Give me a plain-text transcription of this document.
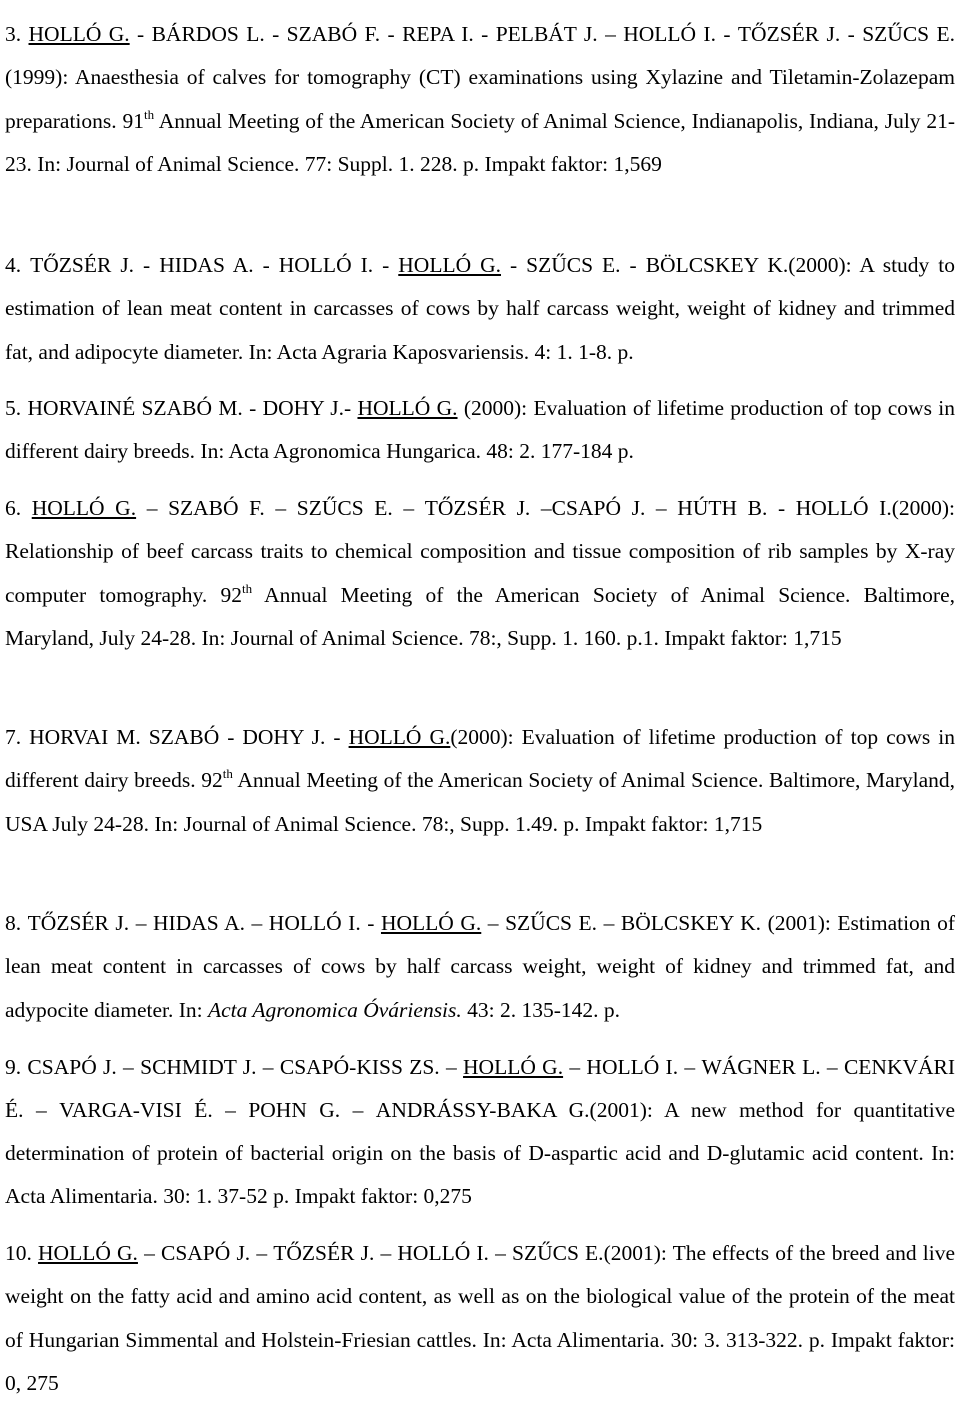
3. HOLLÓ G. - BÁRDOS L. - SZABÓ F. - REPA I. - PELBÁT J. – HOLLÓ I. - TŐZSÉR J. - SZŰCS E.(1999): Anaesthesia of calves for tomography (CT) examinations using Xylazine and Tiletamin-Zolazepam preparations. 91th Annual Meeting of the American Society of Animal Science, Indianapolis, Indiana, July 21-23. In: Journal of Animal Science. 77: Suppl. 1. 228. p. Impakt faktor: 1,569

4. TŐZSÉR J. - HIDAS A. - HOLLÓ I. - HOLLÓ G. - SZŰCS E. - BÖLCSKEY K.(2000): A study to estimation of lean meat content in carcasses of cows by half carcass weight, weight of kidney and trimmed fat, and adipocyte diameter. In: Acta Agraria Kaposvariensis. 4: 1. 1-8. p.

5. HORVAINÉ SZABÓ M. - DOHY J.- HOLLÓ G. (2000): Evaluation of lifetime production of top cows in different dairy breeds. In: Acta Agronomica Hungarica. 48: 2. 177-184 p.

6. HOLLÓ G. – SZABÓ F. – SZŰCS E. – TŐZSÉR J. –CSAPÓ J. – HÚTH B. - HOLLÓ I.(2000): Relationship of beef carcass traits to chemical composition and tissue composition of rib samples by X-ray computer tomography. 92th Annual Meeting of the American Society of Animal Science. Baltimore, Maryland, July 24-28. In: Journal of Animal Science. 78:, Supp. 1. 160. p.1. Impakt faktor: 1,715

7. HORVAI M. SZABÓ - DOHY J. - HOLLÓ G.(2000): Evaluation of lifetime production of top cows in different dairy breeds. 92th Annual Meeting of the American Society of Animal Science. Baltimore, Maryland, USA July 24-28. In: Journal of Animal Science. 78:, Supp. 1.49. p. Impakt faktor: 1,715

8. TŐZSÉR J. – HIDAS A. – HOLLÓ I. - HOLLÓ G. – SZŰCS E. – BÖLCSKEY K. (2001): Estimation of lean meat content in carcasses of cows by half carcass weight, weight of kidney and trimmed fat, and adypocite diameter. In: Acta Agronomica Óváriensis. 43: 2. 135-142. p.

9. CSAPÓ J. – SCHMIDT J. – CSAPÓ-KISS ZS. – HOLLÓ G. – HOLLÓ I. – WÁGNER L. – CENKVÁRI É. – VARGA-VISI É. – POHN G. – ANDRÁSSY-BAKA G.(2001): A new method for quantitative determination of protein of bacterial origin on the basis of D-aspartic acid and D-glutamic acid content. In: Acta Alimentaria. 30: 1. 37-52 p. Impakt faktor: 0,275

10. HOLLÓ G. – CSAPÓ J. – TŐZSÉR J. – HOLLÓ I. – SZŰCS E.(2001): The effects of the breed and live weight on the fatty acid and amino acid content, as well as on the biological value of the protein of the meat of Hungarian Simmental and Holstein-Friesian cattles. In: Acta Alimentaria. 30: 3. 313-322. p. Impakt faktor: 0, 275
